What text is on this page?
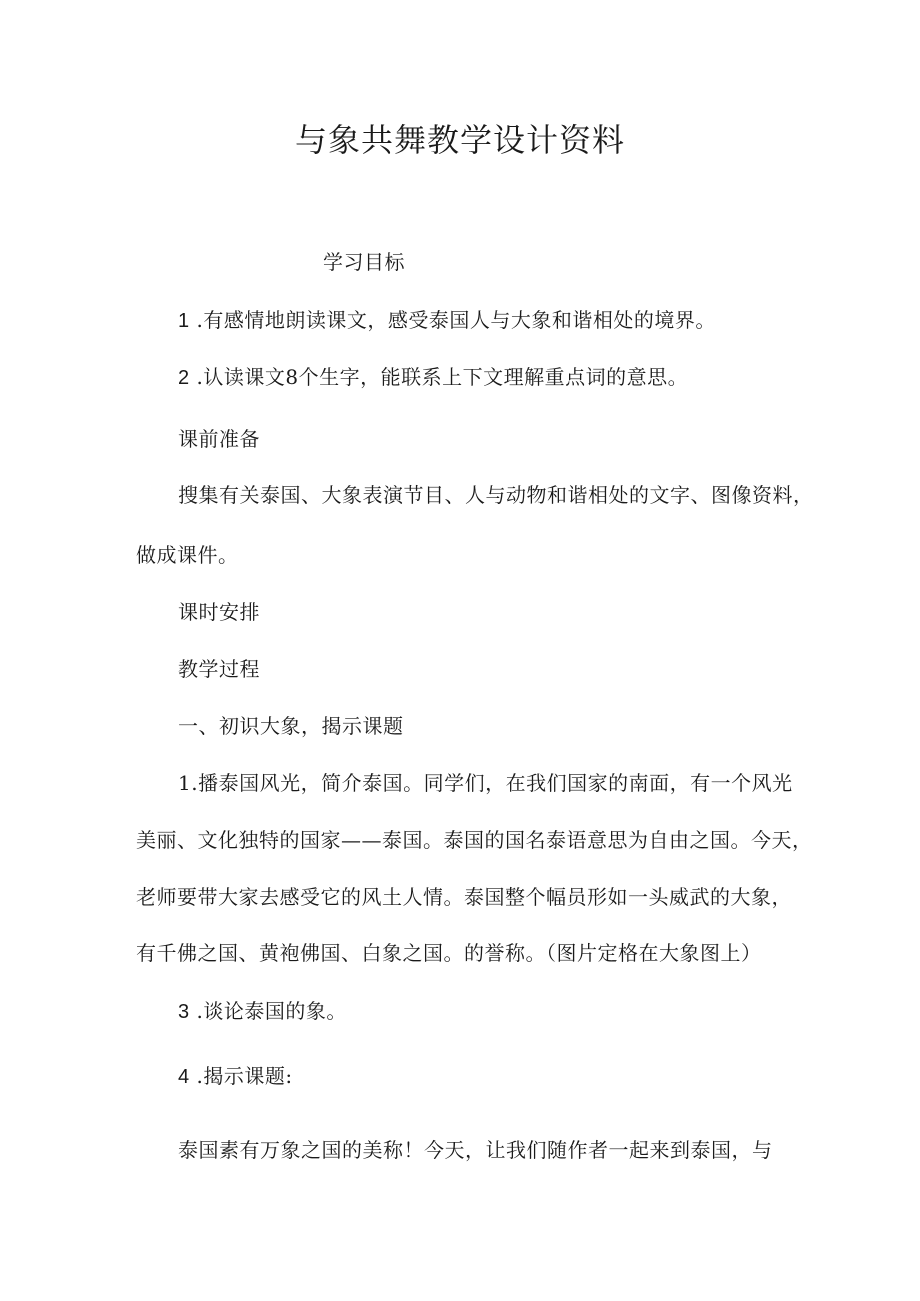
与象共舞教学设计资料
学习目标
1 .有感情地朗读课文，感受泰国人与大象和谐相处的境界。
2 .认读课文8个生字，能联系上下文理解重点词的意思。
课前准备
搜集有关泰国、大象表演节目、人与动物和谐相处的文字、图像资料，
做成课件。
课时安排
教学过程
一、初识大象，揭示课题
1.播泰国风光，简介泰国。同学们，在我们国家的南面，有一个风光
美丽、文化独特的国家——泰国。泰国的国名泰语意思为自由之国。今天，
老师要带大家去感受它的风土人情。泰国整个幅员形如一头威武的大象，
有千佛之国、黄袍佛国、白象之国。的誉称。（图片定格在大象图上）
3 .谈论泰国的象。
4 .揭示课题:
泰国素有万象之国的美称！今天，让我们随作者一起来到泰国，与
